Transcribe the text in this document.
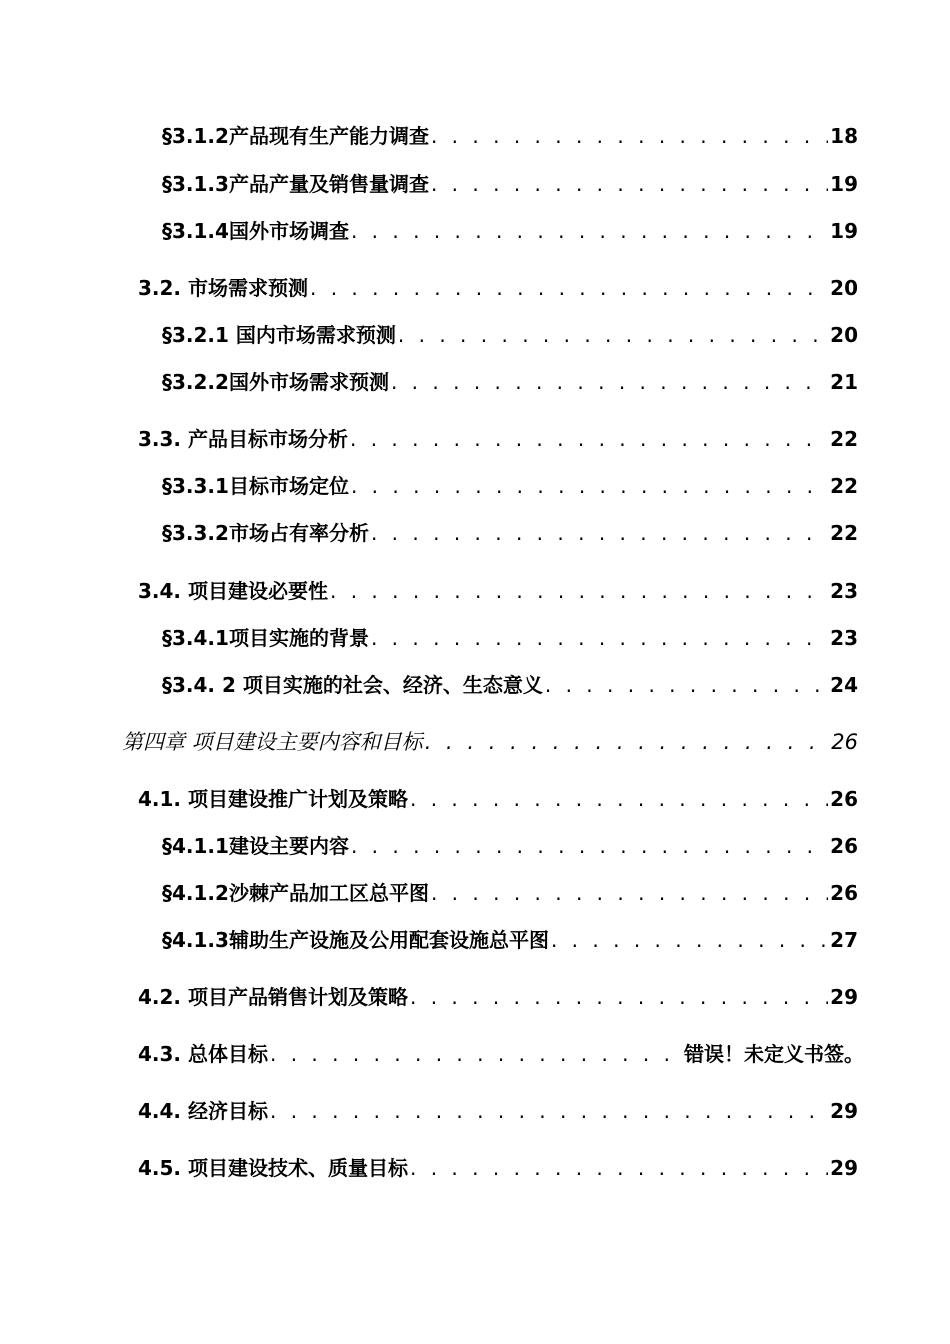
§3.1.2产品现有生产能力调查 . . .	18
§3.1.3产品产量及销售量调查 . . .	19
§3.1.4国外市场调查 . . .	19
3.2. 市场需求预测 . . .	20
§3.2.1 国内市场需求预测 . . .	20
§3.2.2国外市场需求预测 . . .	21
3.3. 产品目标市场分析 . . .	22
§3.3.1目标市场定位 . . .	22
§3.3.2市场占有率分析 . . .	22
3.4. 项目建设必要性 . . .	23
§3.4.1项目实施的背景 . . .	23
§3.4. 2 项目实施的社会、经济、生态意义 . . .	24
第四章 项目建设主要内容和目标 . . .	26
4.1. 项目建设推广计划及策略 . . .	26
§4.1.1建设主要内容 . . .	26
§4.1.2沙棘产品加工区总平图 . . .	26
§4.1.3辅助生产设施及公用配套设施总平图 . . .	27
4.2. 项目产品销售计划及策略 . . .	29
4.3. 总体目标 . . .	错误！未定义书签。
4.4. 经济目标 . . .	29
4.5. 项目建设技术、质量目标 . . .	29
